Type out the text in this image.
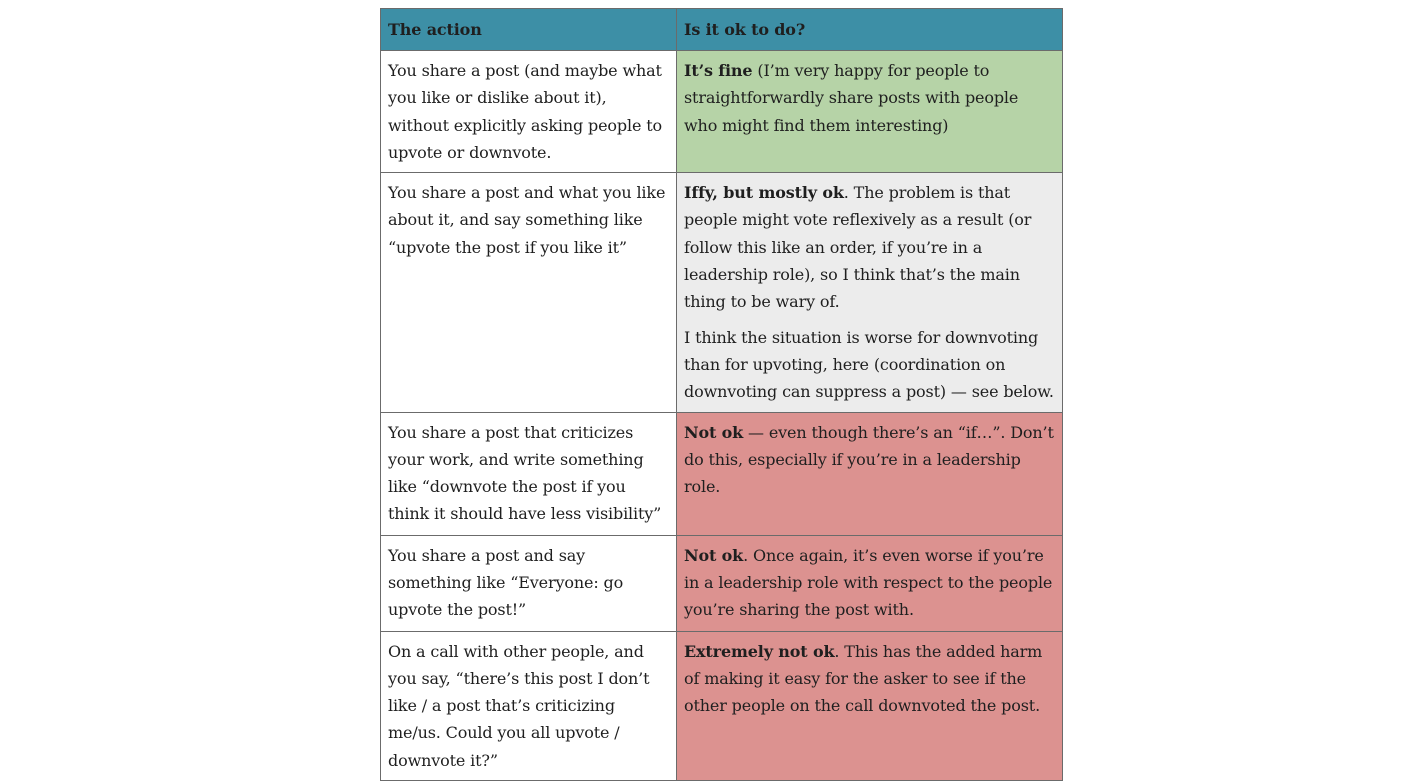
The action	Is it ok to do?

You share a post (and maybe what you like or dislike about it), without explicitly asking people to upvote or downvote.	It’s fine (I’m very happy for people to straightforwardly share posts with people who might find them interesting)

You share a post and what you like about it, and say something like “upvote the post if you like it”	Iffy, but mostly ok. The problem is that people might vote reflexively as a result (or follow this like an order, if you’re in a leadership role), so I think that’s the main thing to be wary of.

I think the situation is worse for downvoting than for upvoting, here (coordination on downvoting can suppress a post) — see below.

You share a post that criticizes your work, and write something like “downvote the post if you think it should have less visibility”	Not ok — even though there’s an “if…”. Don’t do this, especially if you’re in a leadership role.

You share a post and say something like “Everyone: go upvote the post!”	Not ok. Once again, it’s even worse if you’re in a leadership role with respect to the people you’re sharing the post with.

On a call with other people, and you say, “there’s this post I don’t like / a post that’s criticizing me/us. Could you all upvote / downvote it?”	Extremely not ok. This has the added harm of making it easy for the asker to see if the other people on the call downvoted the post.
